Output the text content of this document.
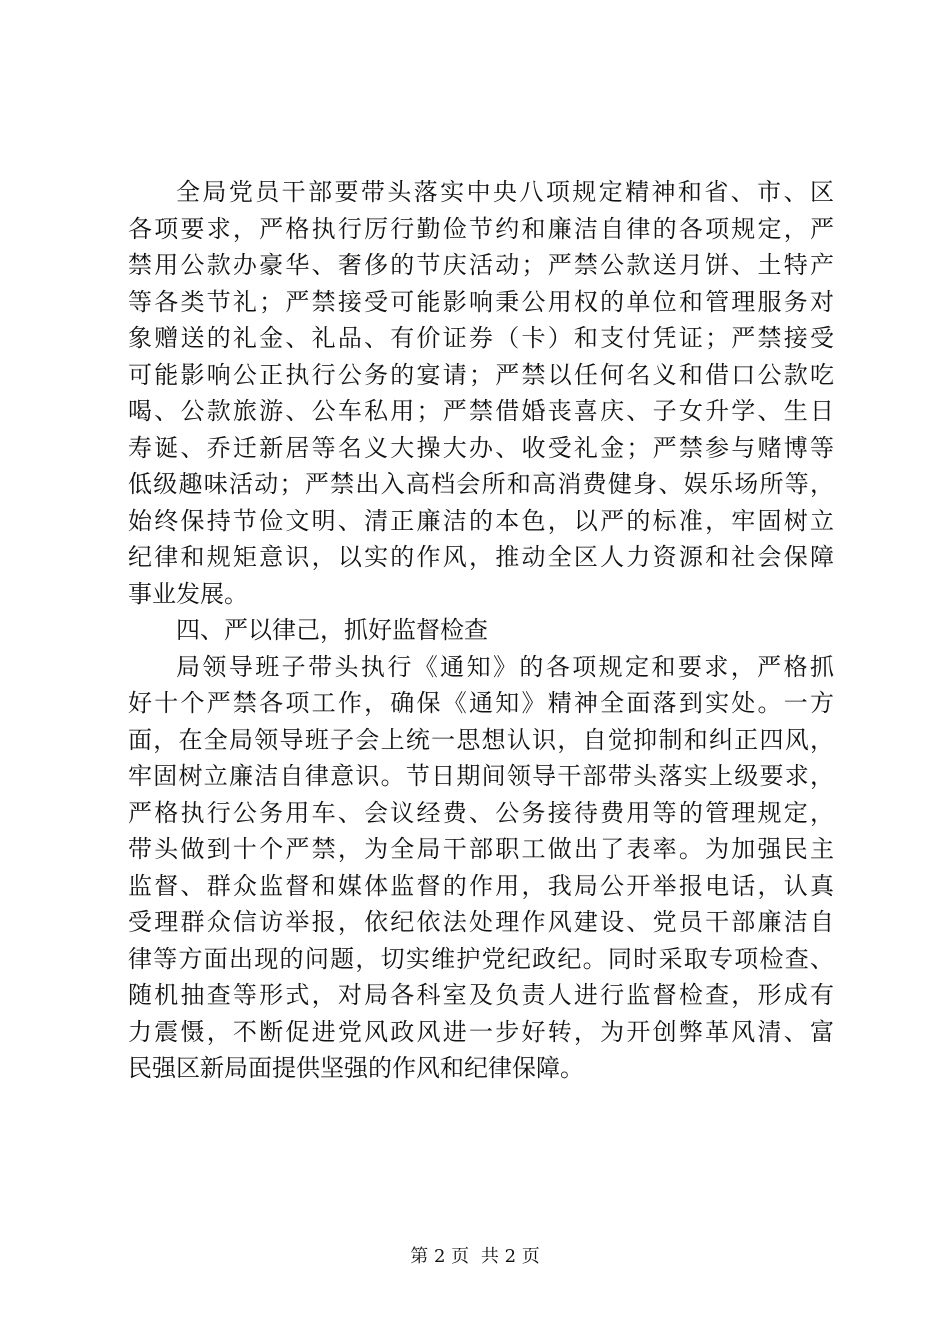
全局党员干部要带头落实中央八项规定精神和省、市、区
各项要求，严格执行厉行勤俭节约和廉洁自律的各项规定，严
禁用公款办豪华、奢侈的节庆活动；严禁公款送月饼、土特产
等各类节礼；严禁接受可能影响秉公用权的单位和管理服务对
象赠送的礼金、礼品、有价证券（卡）和支付凭证；严禁接受
可能影响公正执行公务的宴请；严禁以任何名义和借口公款吃
喝、公款旅游、公车私用；严禁借婚丧喜庆、子女升学、生日
寿诞、乔迁新居等名义大操大办、收受礼金；严禁参与赌博等
低级趣味活动；严禁出入高档会所和高消费健身、娱乐场所等，
始终保持节俭文明、清正廉洁的本色，以严的标准，牢固树立
纪律和规矩意识，以实的作风，推动全区人力资源和社会保障
事业发展。
四、严以律己，抓好监督检查
局领导班子带头执行《通知》的各项规定和要求，严格抓
好十个严禁各项工作，确保《通知》精神全面落到实处。一方
面，在全局领导班子会上统一思想认识，自觉抑制和纠正四风，
牢固树立廉洁自律意识。节日期间领导干部带头落实上级要求，
严格执行公务用车、会议经费、公务接待费用等的管理规定，
带头做到十个严禁，为全局干部职工做出了表率。为加强民主
监督、群众监督和媒体监督的作用，我局公开举报电话，认真
受理群众信访举报，依纪依法处理作风建设、党员干部廉洁自
律等方面出现的问题，切实维护党纪政纪。同时采取专项检查、
随机抽查等形式，对局各科室及负责人进行监督检查，形成有
力震慑，不断促进党风政风进一步好转，为开创弊革风清、富
民强区新局面提供坚强的作风和纪律保障。
第 2 页 共 2 页
